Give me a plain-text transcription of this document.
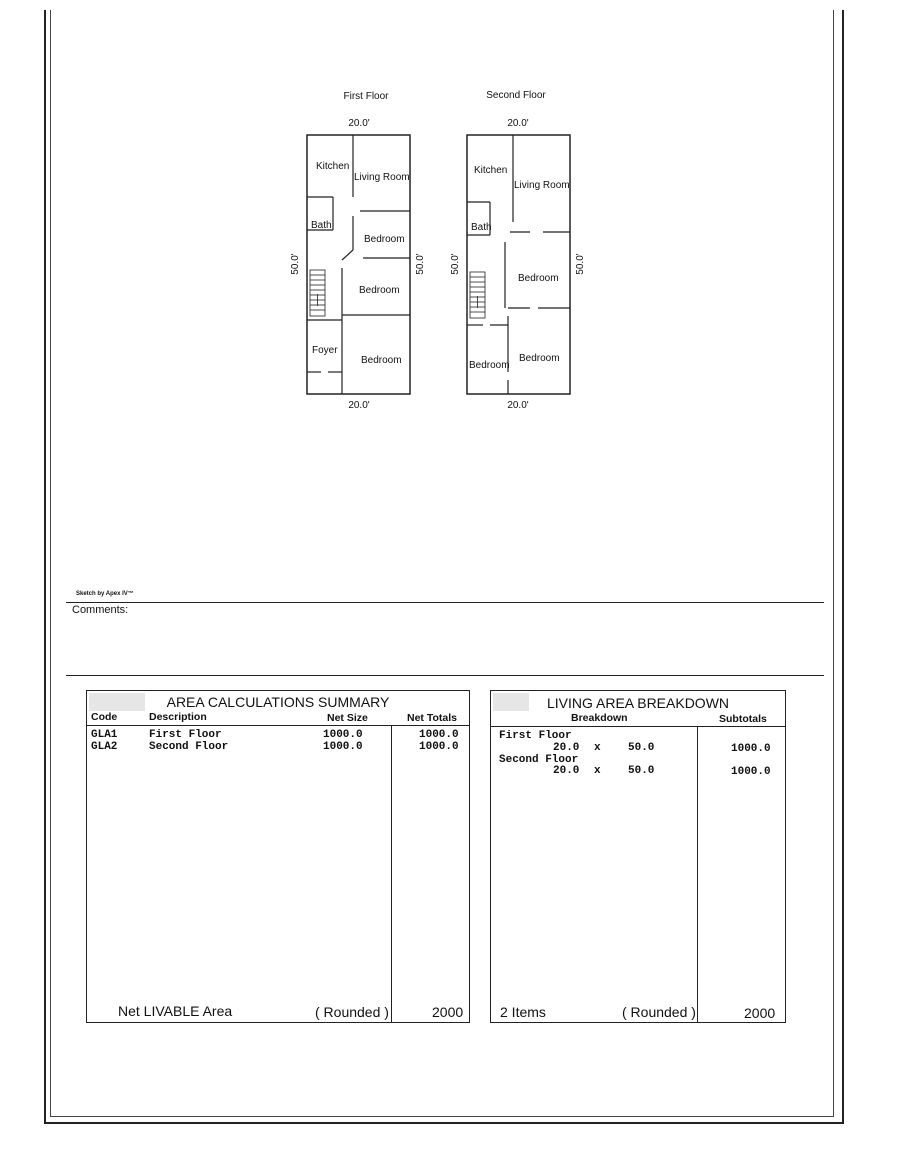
First Floor
20.0'
20.0'
50.0'	50.0'
Kitchen
Living Room
Bath
Bedroom
Bedroom
Foyer
Bedroom
Second Floor
20.0'
20.0'
50.0'	50.0'
Kitchen
Living Room
Bath
Bedroom
Bedroom
Bedroom
Sketch by Apex IV™
Comments:
AREA CALCULATIONS SUMMARY
Code	Description	Net Size	Net Totals
GLA1	First Floor	1000.0	1000.0
GLA2	Second Floor	1000.0	1000.0
Net LIVABLE Area	( Rounded )	2000
LIVING AREA BREAKDOWN
Breakdown	Subtotals
First Floor
20.0 x 50.0	1000.0
Second Floor
20.0 x 50.0	1000.0
2 Items	( Rounded )	2000
